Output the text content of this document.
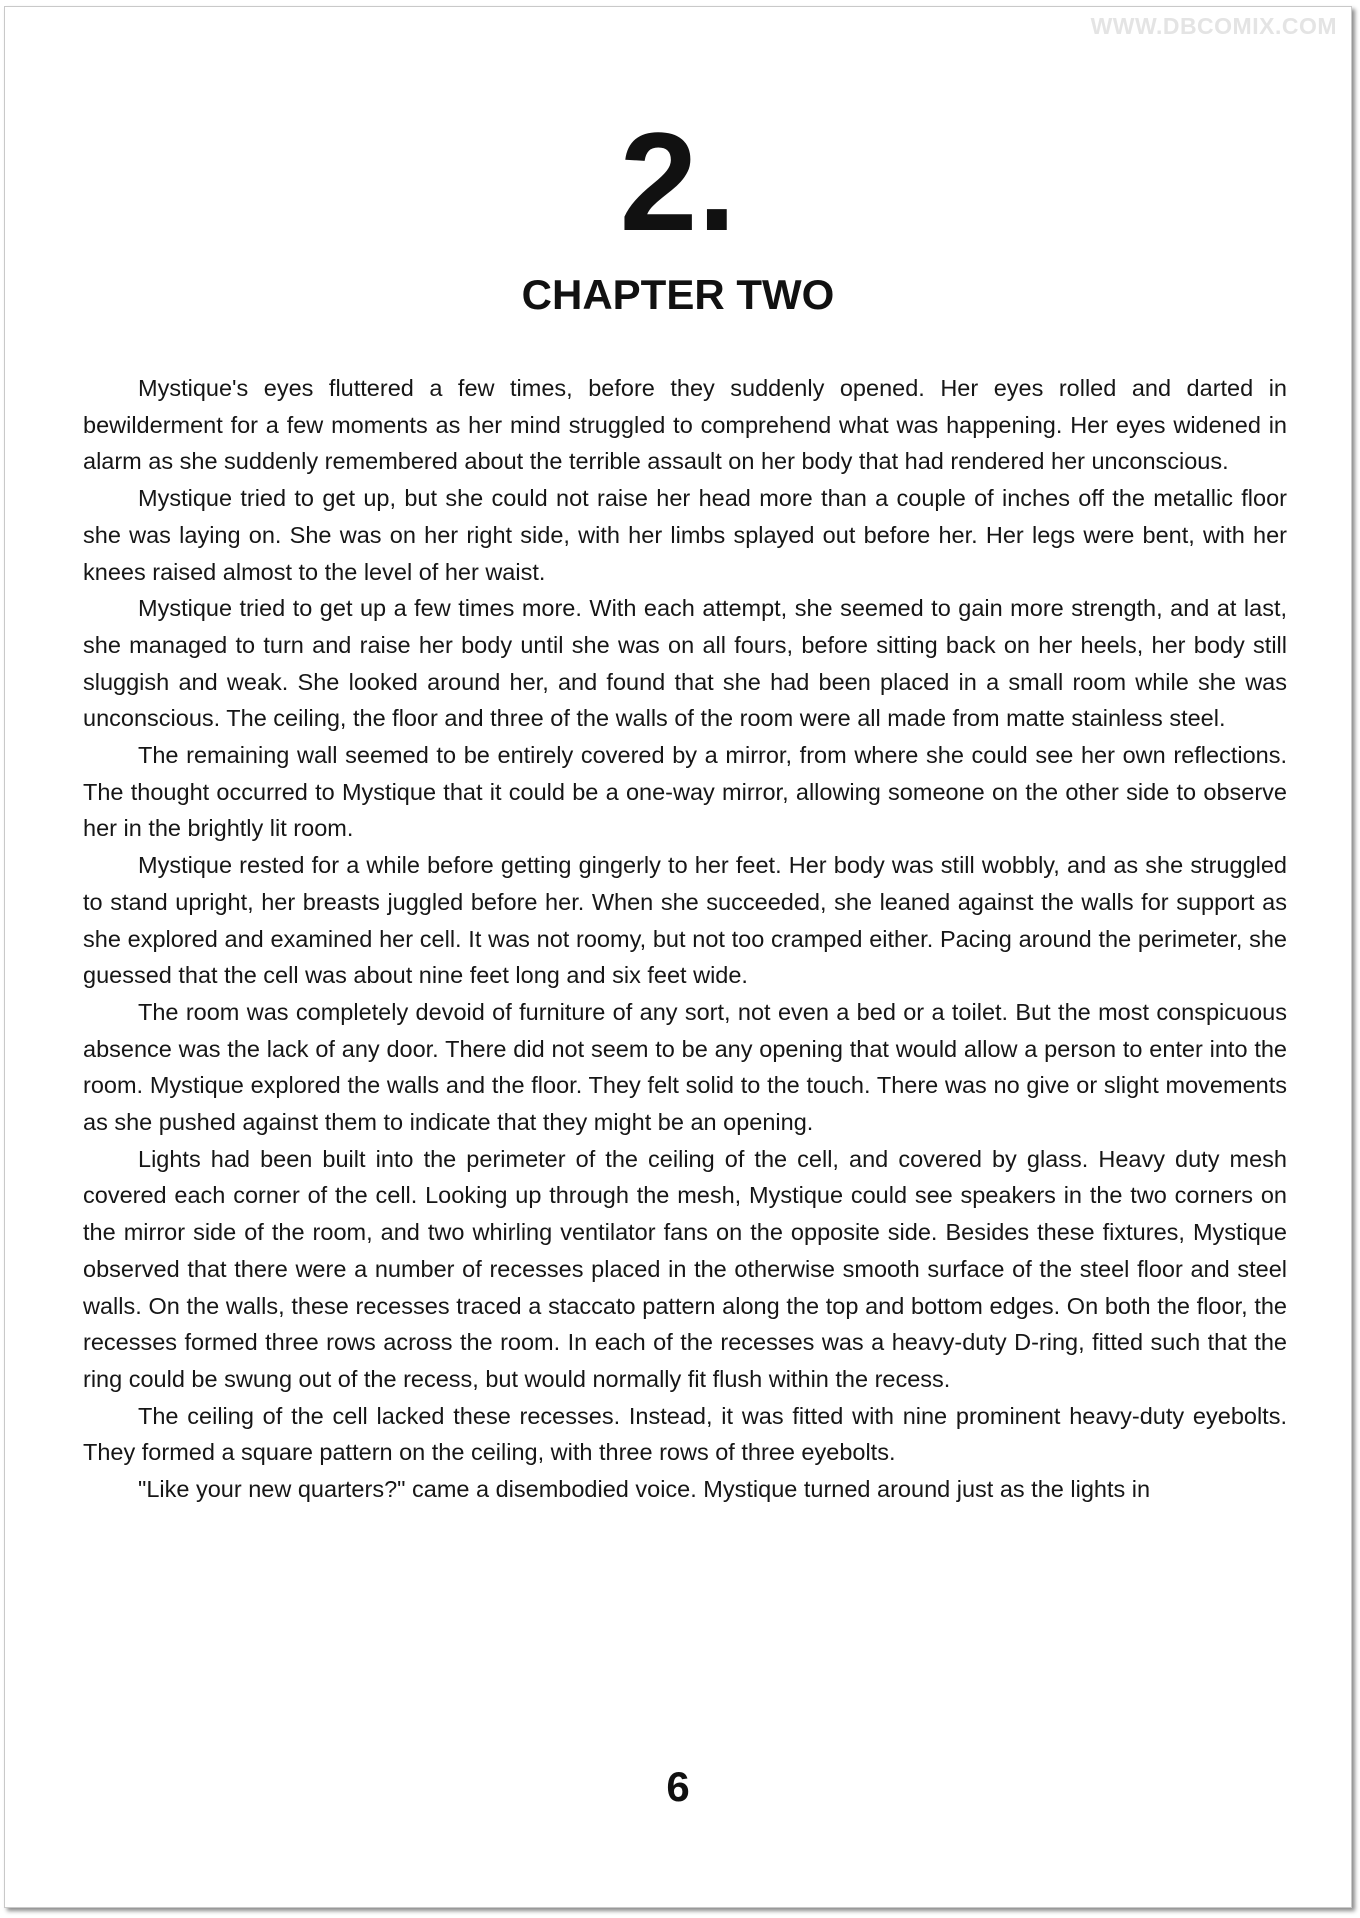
WWW.DBCOMIX.COM
2.
CHAPTER TWO

Mystique's eyes fluttered a few times, before they suddenly opened. Her eyes rolled and darted in bewilderment for a few moments as her mind struggled to comprehend what was happening. Her eyes widened in alarm as she suddenly remembered about the terrible assault on her body that had rendered her unconscious.

Mystique tried to get up, but she could not raise her head more than a couple of inches off the metallic floor she was laying on. She was on her right side, with her limbs splayed out before her. Her legs were bent, with her knees raised almost to the level of her waist.

Mystique tried to get up a few times more. With each attempt, she seemed to gain more strength, and at last, she managed to turn and raise her body until she was on all fours, before sitting back on her heels, her body still sluggish and weak. She looked around her, and found that she had been placed in a small room while she was unconscious. The ceiling, the floor and three of the walls of the room were all made from matte stainless steel.

The remaining wall seemed to be entirely covered by a mirror, from where she could see her own reflections. The thought occurred to Mystique that it could be a one-way mirror, allowing someone on the other side to observe her in the brightly lit room.

Mystique rested for a while before getting gingerly to her feet. Her body was still wobbly, and as she struggled to stand upright, her breasts juggled before her. When she succeeded, she leaned against the walls for support as she explored and examined her cell. It was not roomy, but not too cramped either. Pacing around the perimeter, she guessed that the cell was about nine feet long and six feet wide.

The room was completely devoid of furniture of any sort, not even a bed or a toilet. But the most conspicuous absence was the lack of any door. There did not seem to be any opening that would allow a person to enter into the room. Mystique explored the walls and the floor. They felt solid to the touch. There was no give or slight movements as she pushed against them to indicate that they might be an opening.

Lights had been built into the perimeter of the ceiling of the cell, and covered by glass. Heavy duty mesh covered each corner of the cell. Looking up through the mesh, Mystique could see speakers in the two corners on the mirror side of the room, and two whirling ventilator fans on the opposite side. Besides these fixtures, Mystique observed that there were a number of recesses placed in the otherwise smooth surface of the steel floor and steel walls. On the walls, these recesses traced a staccato pattern along the top and bottom edges. On both the floor, the recesses formed three rows across the room. In each of the recesses was a heavy-duty D-ring, fitted such that the ring could be swung out of the recess, but would normally fit flush within the recess.

The ceiling of the cell lacked these recesses. Instead, it was fitted with nine prominent heavy-duty eyebolts. They formed a square pattern on the ceiling, with three rows of three eyebolts.

"Like your new quarters?" came a disembodied voice. Mystique turned around just as the lights in

6
